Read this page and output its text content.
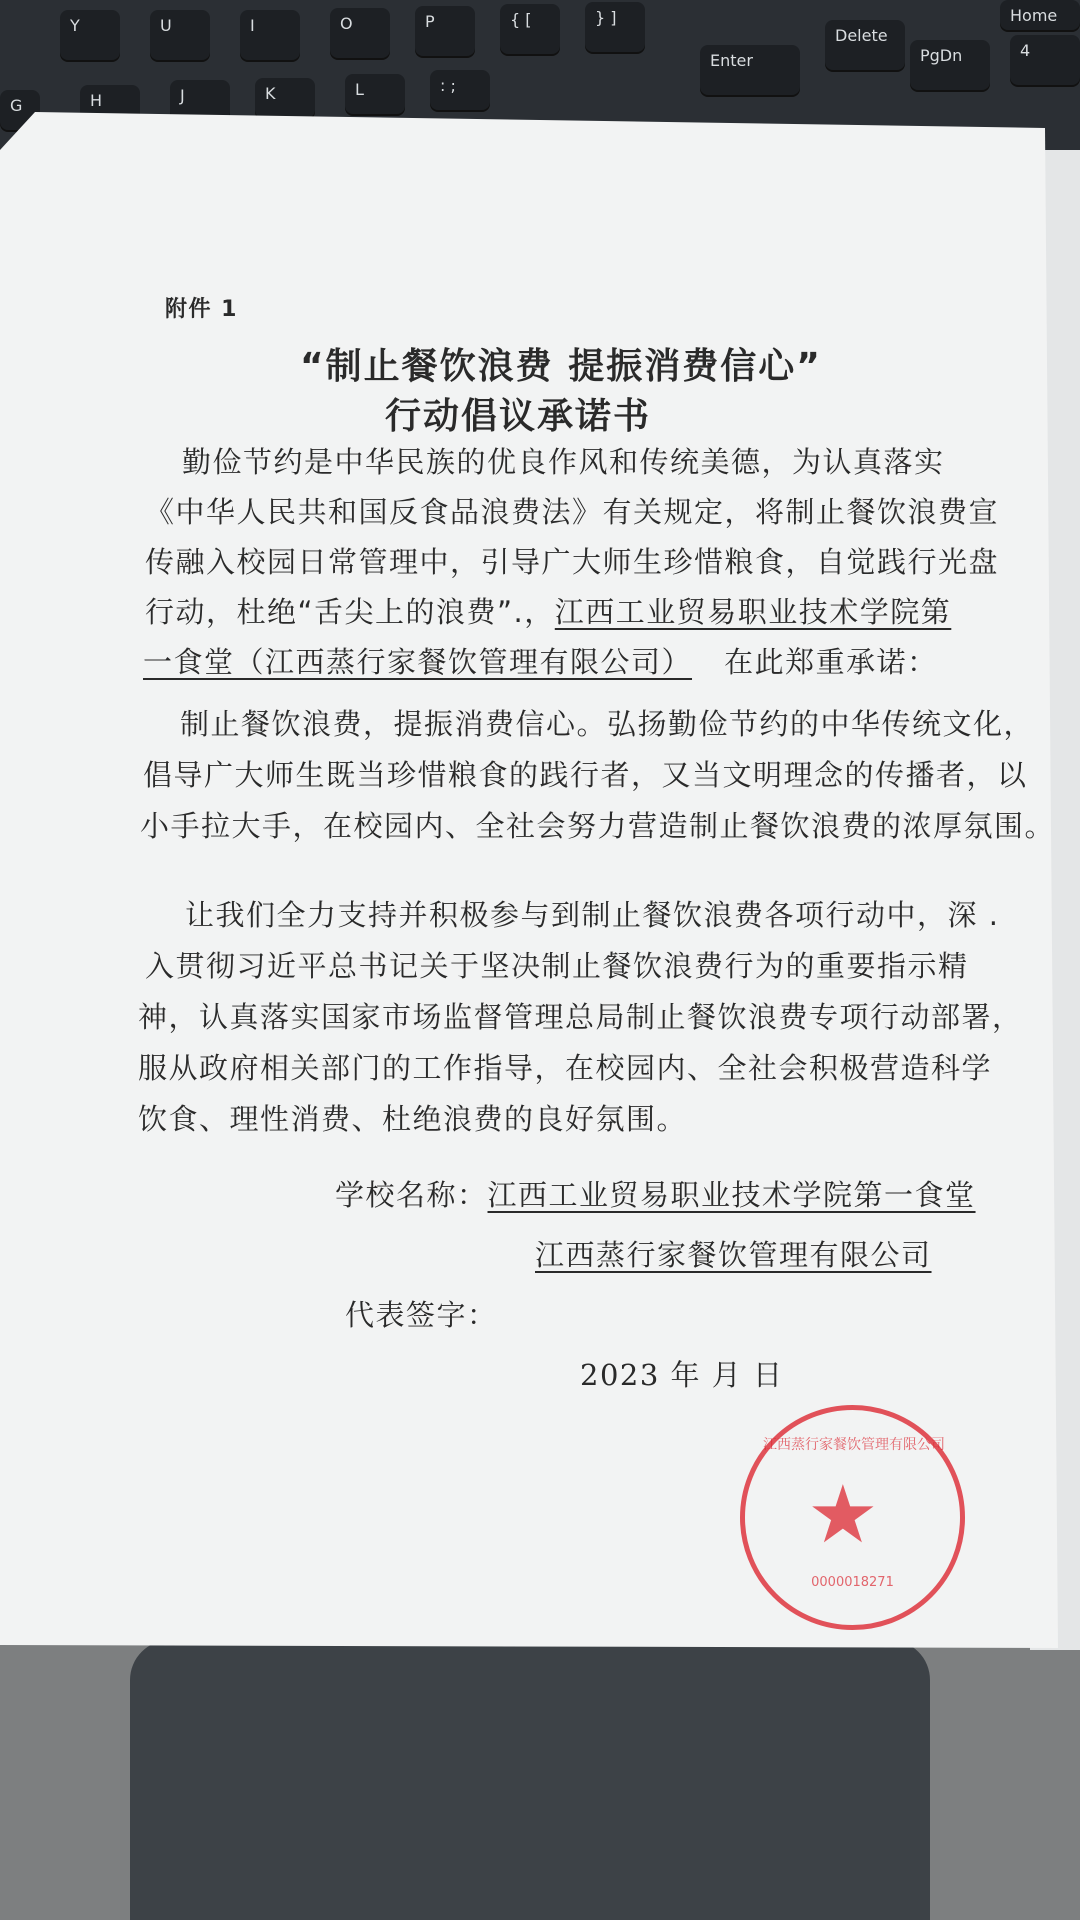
Y	U	I	O	P	{ [	} ]
Delete
Home
G	H	J	K	L	: ;
Enter	PgDn	4
附件 1
“制止餐饮浪费 提振消费信心”
行动倡议承诺书
勤俭节约是中华民族的优良作风和传统美德，为认真落实
《中华人民共和国反食品浪费法》有关规定，将制止餐饮浪费宣
传融入校园日常管理中，引导广大师生珍惜粮食，自觉践行光盘
行动，杜绝“舌尖上的浪费”.，江西工业贸易职业技术学院第
一食堂（江西蒸行家餐饮管理有限公司） 在此郑重承诺：
制止餐饮浪费，提振消费信心。弘扬勤俭节约的中华传统文化，
倡导广大师生既当珍惜粮食的践行者，又当文明理念的传播者，以
小手拉大手，在校园内、全社会努力营造制止餐饮浪费的浓厚氛围。
让我们全力支持并积极参与到制止餐饮浪费各项行动中，深 .
入贯彻习近平总书记关于坚决制止餐饮浪费行为的重要指示精
神，认真落实国家市场监督管理总局制止餐饮浪费专项行动部署，
服从政府相关部门的工作指导，在校园内、全社会积极营造科学
饮食、理性消费、杜绝浪费的良好氛围。
学校名称：江西工业贸易职业技术学院第一食堂
江西蒸行家餐饮管理有限公司
代表签字：
2023 年 月 日
江西蒸行家餐饮管理有限公司
★
0000018271
